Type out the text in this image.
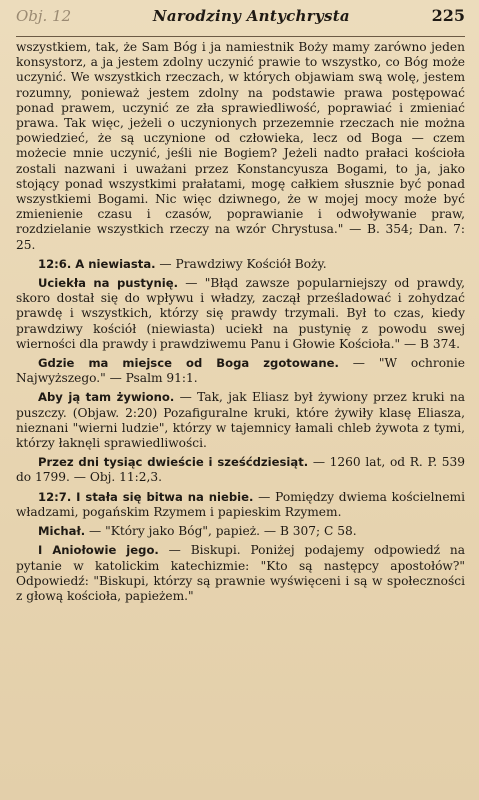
Obj. 12	Narodziny Antychrysta	225

wszystkiem, tak, że Sam Bóg i ja namiestnik Boży mamy zarówno jeden konsystorz, a ja jestem zdolny uczynić prawie to wszystko, co Bóg może uczynić. We wszystkich rzeczach, w których objawiam swą wolę, jestem rozumny, ponieważ jestem zdolny na podstawie prawa postępować ponad prawem, uczynić ze zła sprawiedliwość, poprawiać i zmieniać prawa. Tak więc, jeżeli o uczynionych przezemnie rzeczach nie można powiedzieć, że są uczynione od człowieka, lecz od Boga — czem możecie mnie uczynić, jeśli nie Bogiem? Jeżeli nadto prałaci kościoła zostali nazwani i uważani przez Konstancyusza Bogami, to ja, jako stojący ponad wszystkimi prałatami, mogę całkiem słusznie być ponad wszystkiemi Bogami. Nic więc dziwnego, że w mojej mocy może być zmienienie czasu i czasów, poprawianie i odwoływanie praw, rozdzielanie wszystkich rzeczy na wzór Chrystusa." — B. 354; Dan. 7: 25.

12:6. A niewiasta. — Prawdziwy Kościół Boży.

Uciekła na pustynię. — "Błąd zawsze popularniejszy od prawdy, skoro dostał się do wpływu i władzy, zaczął prześladować i zohydzać prawdę i wszystkich, którzy się prawdy trzymali. Był to czas, kiedy prawdziwy kościół (niewiasta) uciekł na pustynię z powodu swej wierności dla prawdy i prawdziwemu Panu i Głowie Kościoła." — B 374.

Gdzie ma miejsce od Boga zgotowane. — "W ochronie Najwyższego." — Psalm 91:1.

Aby ją tam żywiono. — Tak, jak Eliasz był żywiony przez kruki na puszczy. (Objaw. 2:20) Pozafiguralne kruki, które żywiły klasę Eliasza, nieznani "wierni ludzie", którzy w tajemnicy łamali chleb żywota z tymi, którzy łaknęli sprawiedliwości.

Przez dni tysiąc dwieście i sześćdziesiąt. — 1260 lat, od R. P. 539 do 1799. — Obj. 11:2,3.

12:7. I stała się bitwa na niebie. — Pomiędzy dwiema kościelnemi władzami, pogańskim Rzymem i papieskim Rzymem.

Michał. — "Który jako Bóg", papież. — B 307; C 58.

I Aniołowie jego. — Biskupi. Poniżej podajemy odpowiedź na pytanie w katolickim katechizmie: "Kto są następcy apostołów?" Odpowiedź: "Biskupi, którzy są prawnie wyświęceni i są w społeczności z głową kościoła, papieżem."
